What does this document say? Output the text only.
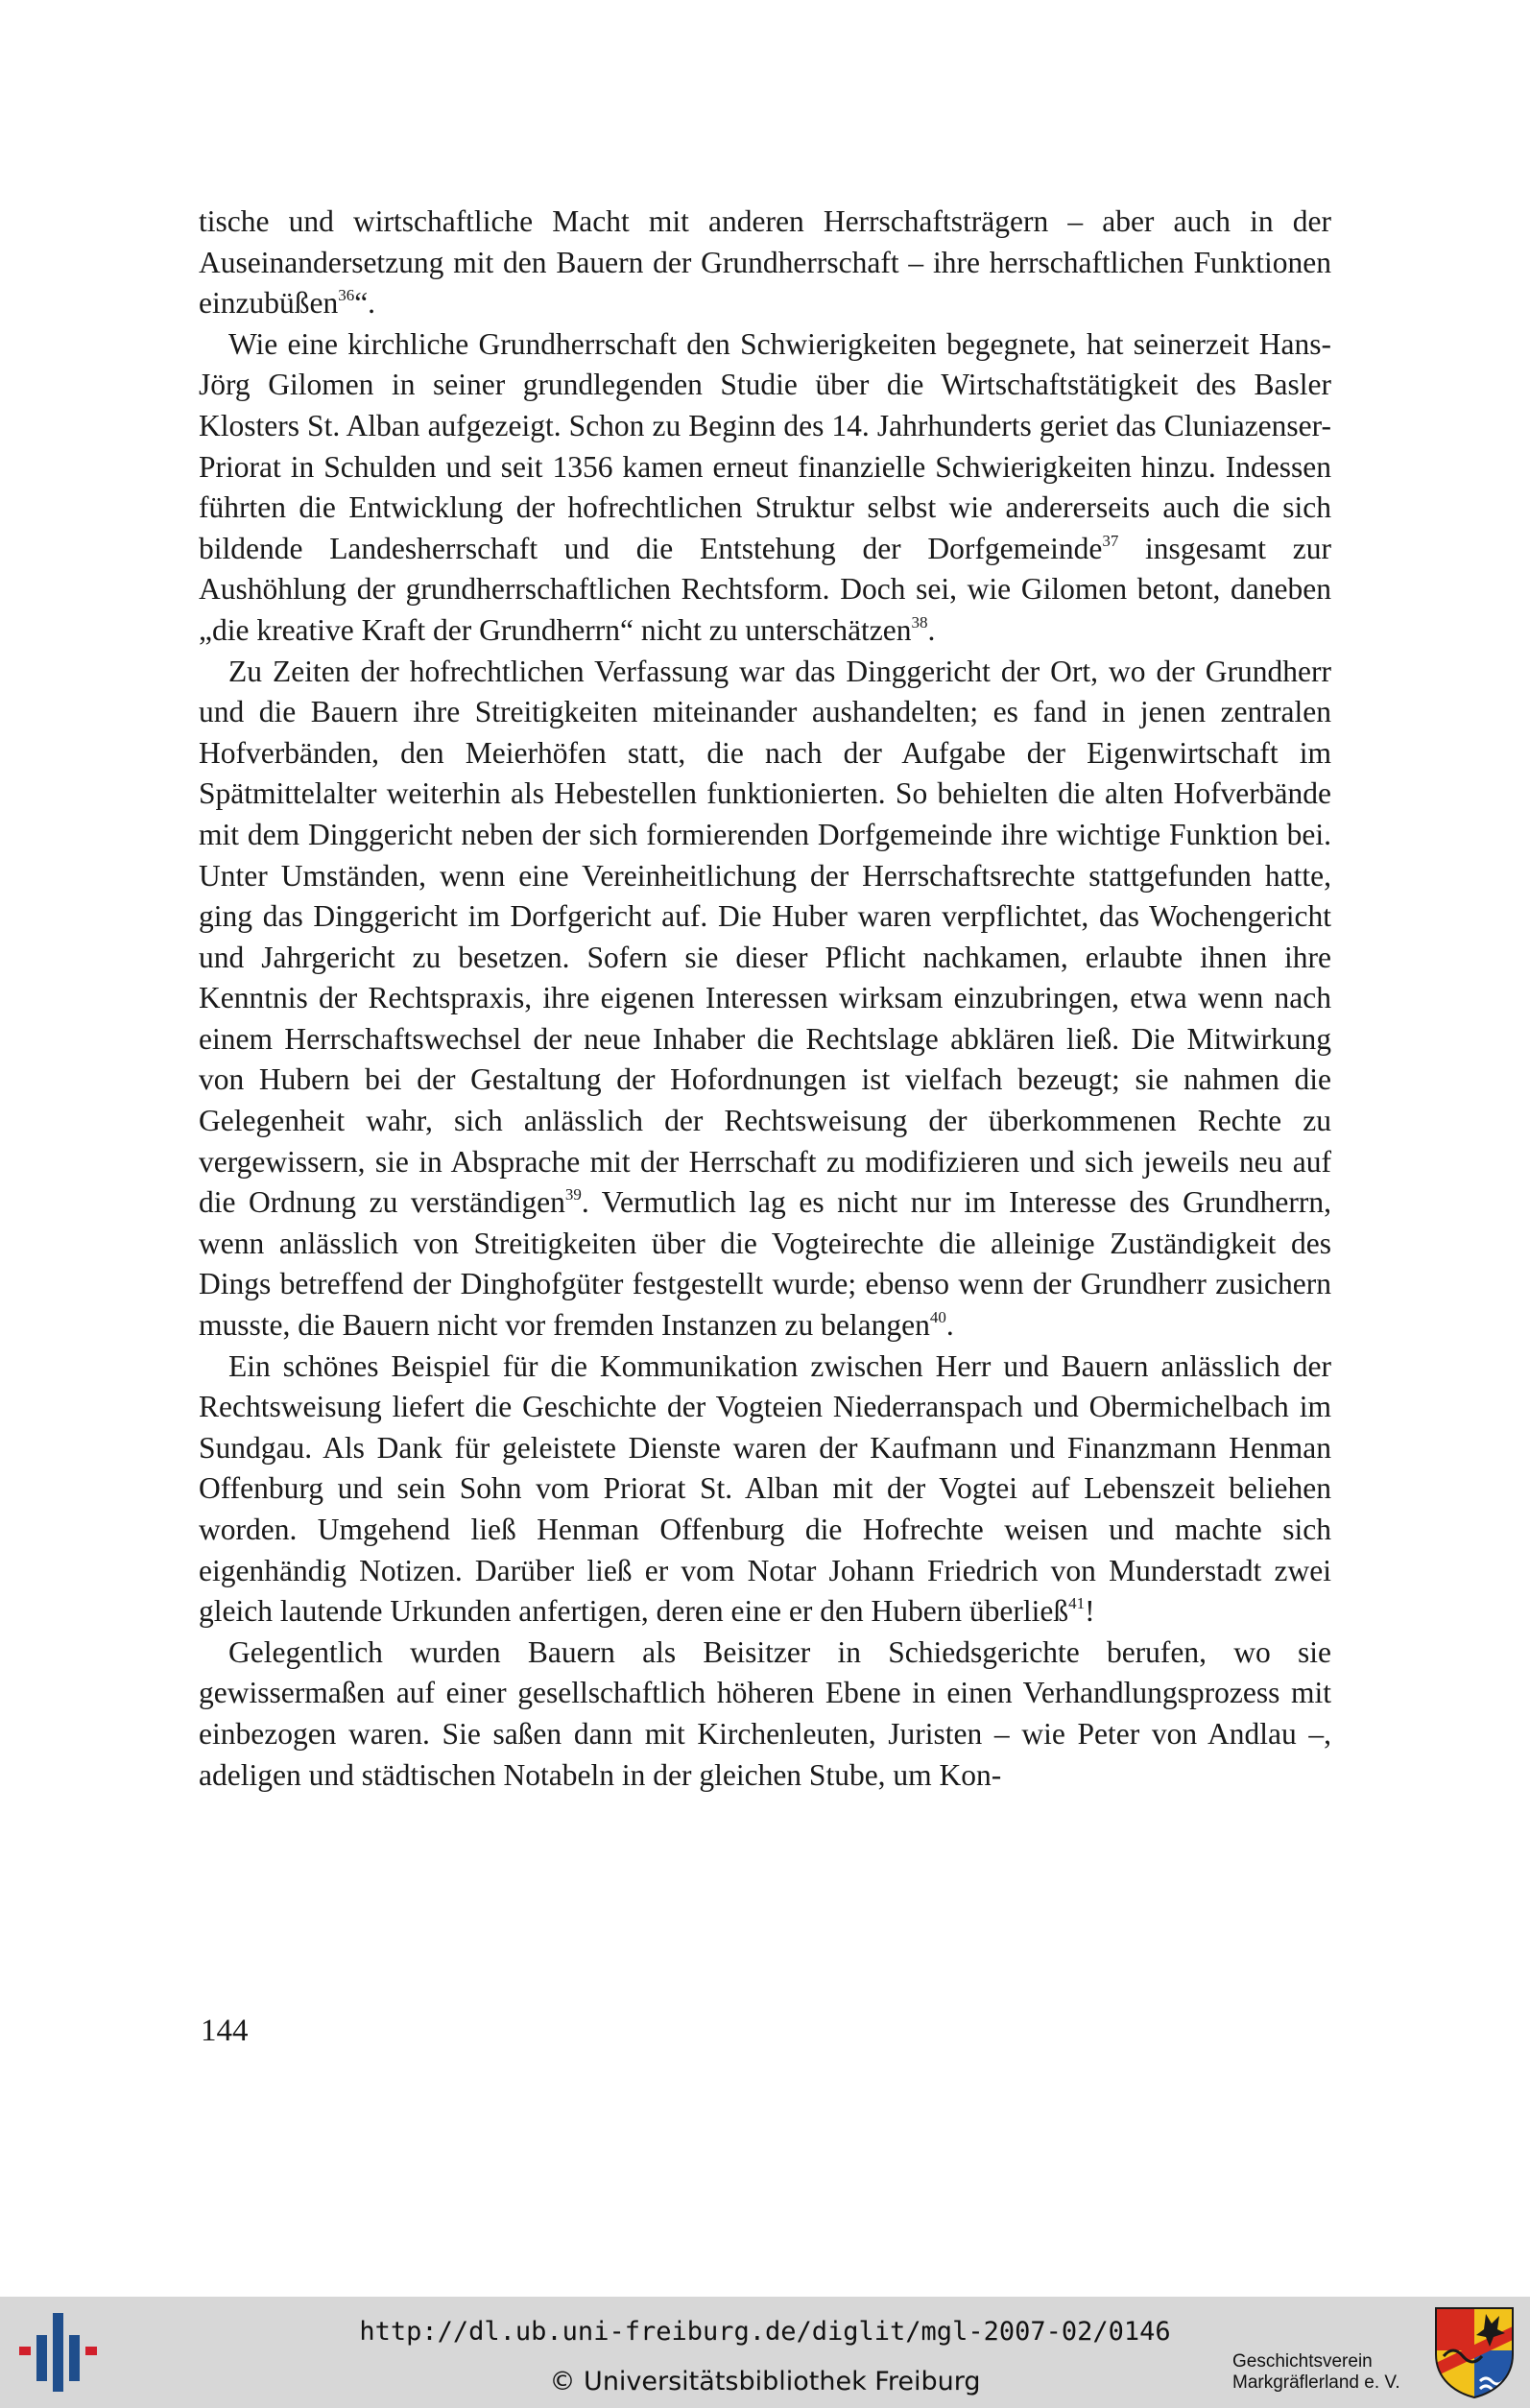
tische und wirtschaftliche Macht mit anderen Herrschaftsträgern – aber auch in der Auseinandersetzung mit den Bauern der Grundherrschaft – ihre herrschaftlichen Funktionen einzubüßen$^{36}$“.

Wie eine kirchliche Grundherrschaft den Schwierigkeiten begegnete, hat seinerzeit Hans-Jörg Gilomen in seiner grundlegenden Studie über die Wirtschaftstätigkeit des Basler Klosters St. Alban aufgezeigt. Schon zu Beginn des 14. Jahrhunderts geriet das Cluniazenser-Priorat in Schulden und seit 1356 kamen erneut finanzielle Schwierigkeiten hinzu. Indessen führten die Entwicklung der hofrechtlichen Struktur selbst wie andererseits auch die sich bildende Landesherrschaft und die Entstehung der Dorfgemeinde$^{37}$ insgesamt zur Aushöhlung der grundherrschaftlichen Rechtsform. Doch sei, wie Gilomen betont, daneben „die kreative Kraft der Grundherrn“ nicht zu unterschätzen$^{38}$.

Zu Zeiten der hofrechtlichen Verfassung war das Dinggericht der Ort, wo der Grundherr und die Bauern ihre Streitigkeiten miteinander aushandelten; es fand in jenen zentralen Hofverbänden, den Meierhöfen statt, die nach der Aufgabe der Eigenwirtschaft im Spätmittelalter weiterhin als Hebestellen funktionierten. So behielten die alten Hofverbände mit dem Dinggericht neben der sich formierenden Dorfgemeinde ihre wichtige Funktion bei. Unter Umständen, wenn eine Vereinheitlichung der Herrschaftsrechte stattgefunden hatte, ging das Dinggericht im Dorfgericht auf. Die Huber waren verpflichtet, das Wochengericht und Jahrgericht zu besetzen. Sofern sie dieser Pflicht nachkamen, erlaubte ihnen ihre Kenntnis der Rechtspraxis, ihre eigenen Interessen wirksam einzubringen, etwa wenn nach einem Herrschaftswechsel der neue Inhaber die Rechtslage abklären ließ. Die Mitwirkung von Hubern bei der Gestaltung der Hofordnungen ist vielfach bezeugt; sie nahmen die Gelegenheit wahr, sich anlässlich der Rechtsweisung der überkommenen Rechte zu vergewissern, sie in Absprache mit der Herrschaft zu modifizieren und sich jeweils neu auf die Ordnung zu verständigen$^{39}$. Vermutlich lag es nicht nur im Interesse des Grundherrn, wenn anlässlich von Streitigkeiten über die Vogteirechte die alleinige Zuständigkeit des Dings betreffend der Dinghofgüter festgestellt wurde; ebenso wenn der Grundherr zusichern musste, die Bauern nicht vor fremden Instanzen zu belangen$^{40}$.

Ein schönes Beispiel für die Kommunikation zwischen Herr und Bauern anlässlich der Rechtsweisung liefert die Geschichte der Vogteien Niederranspach und Obermichelbach im Sundgau. Als Dank für geleistete Dienste waren der Kaufmann und Finanzmann Henman Offenburg und sein Sohn vom Priorat St. Alban mit der Vogtei auf Lebenszeit beliehen worden. Umgehend ließ Henman Offenburg die Hofrechte weisen und machte sich eigenhändig Notizen. Darüber ließ er vom Notar Johann Friedrich von Munderstadt zwei gleich lautende Urkunden anfertigen, deren eine er den Hubern überließ$^{41}$!

Gelegentlich wurden Bauern als Beisitzer in Schiedsgerichte berufen, wo sie gewissermaßen auf einer gesellschaftlich höheren Ebene in einen Verhandlungsprozess mit einbezogen waren. Sie saßen dann mit Kirchenleuten, Juristen – wie Peter von Andlau –, adeligen und städtischen Notabeln in der gleichen Stube, um Kon-

144
http://dl.ub.uni-freiburg.de/diglit/mgl-2007-02/0146
© Universitätsbibliothek Freiburg
Geschichtsverein
Markgräflerland e. V.
